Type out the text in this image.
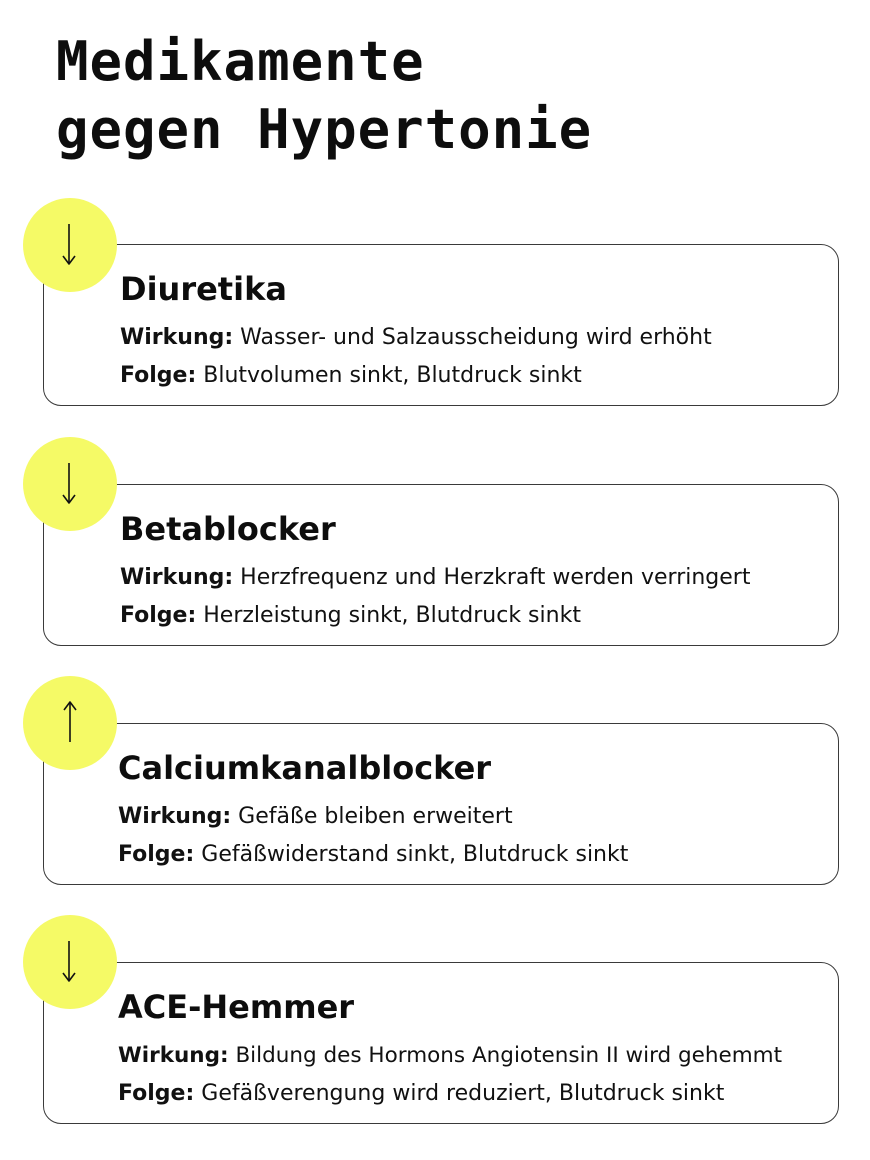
Medikamente
gegen Hypertonie
Diuretika

Wirkung: Wasser- und Salzausscheidung wird erhöht

Folge: Blutvolumen sinkt, Blutdruck sinkt

Betablocker

Wirkung: Herzfrequenz und Herzkraft werden verringert

Folge: Herzleistung sinkt, Blutdruck sinkt

Calciumkanalblocker

Wirkung: Gefäße bleiben erweitert

Folge: Gefäßwiderstand sinkt, Blutdruck sinkt

ACE-Hemmer

Wirkung: Bildung des Hormons Angiotensin II wird gehemmt

Folge: Gefäßverengung wird reduziert, Blutdruck sinkt
